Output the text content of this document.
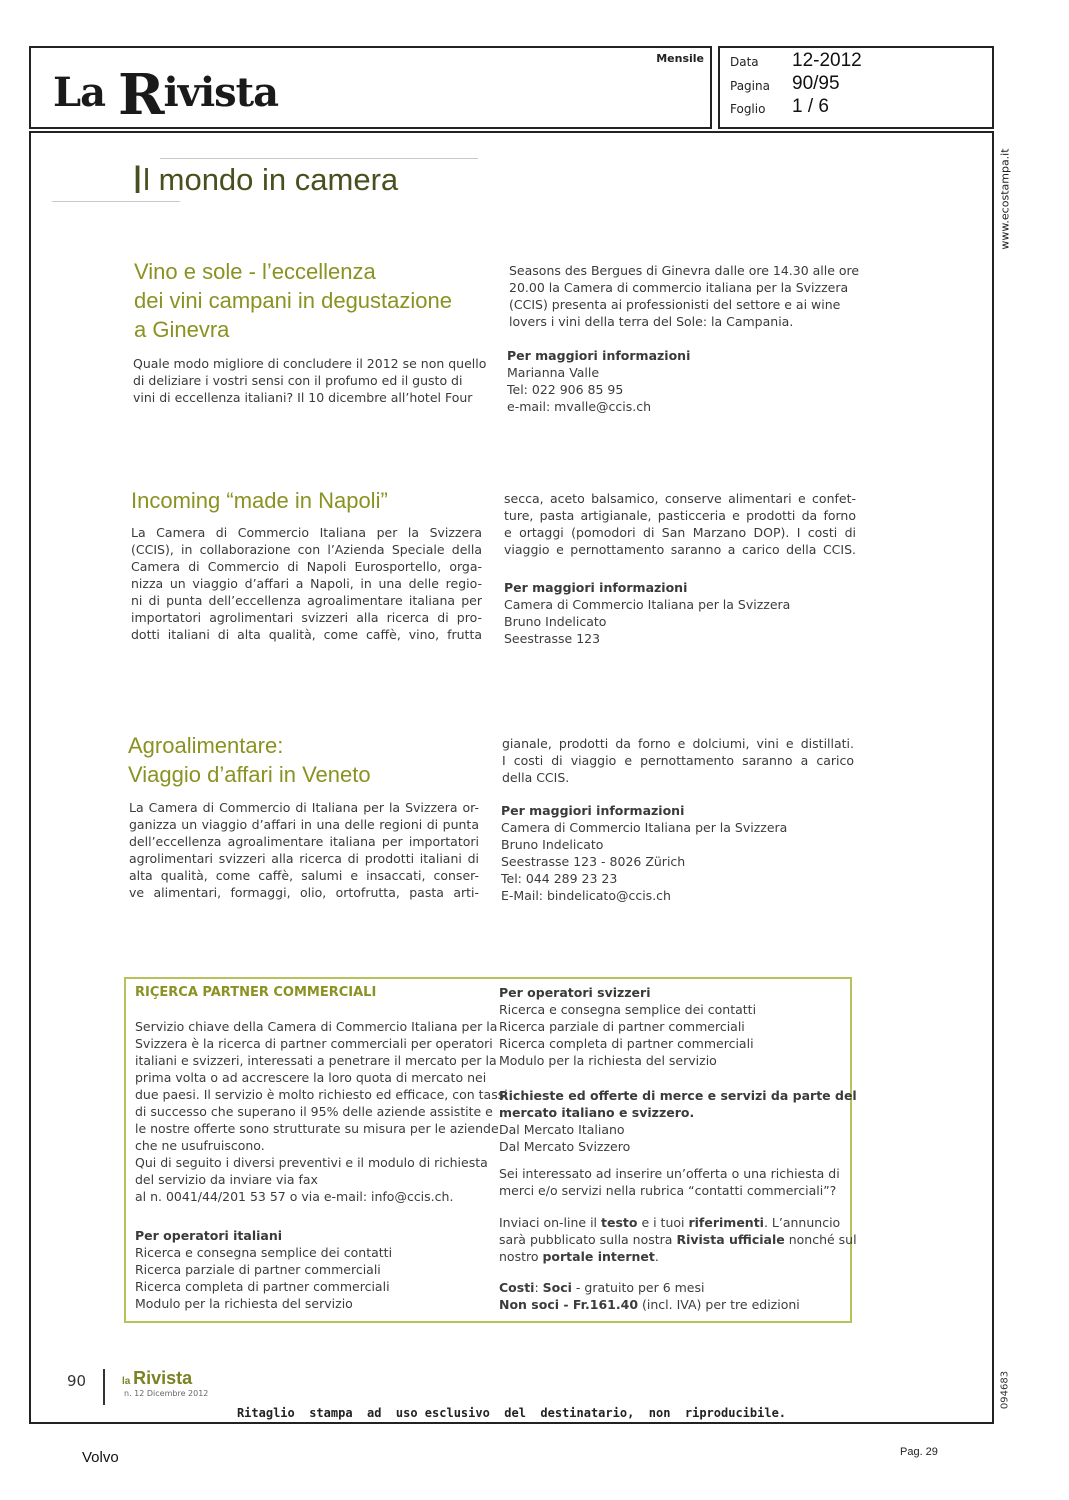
La Rivista
Mensile Data 12-2012
Pagina 90/95
Foglio 1 / 6
www.ecostampa.it
094683
Il mondo in camera
Vino e sole - l’eccellenza
dei vini campani in degustazione
a Ginevra
Quale modo migliore di concludere il 2012 se non quello
di deliziare i vostri sensi con il profumo ed il gusto di
vini di eccellenza italiani? Il 10 dicembre all’hotel Four
Seasons des Bergues di Ginevra dalle ore 14.30 alle ore
20.00 la Camera di commercio italiana per la Svizzera
(CCIS) presenta ai professionisti del settore e ai wine
lovers i vini della terra del Sole: la Campania.
Per maggiori informazioni
Marianna Valle
Tel: 022 906 85 95
e-mail: mvalle@ccis.ch
Incoming “made in Napoli”
La Camera di Commercio Italiana per la Svizzera
(CCIS), in collaborazione con l’Azienda Speciale della
Camera di Commercio di Napoli Eurosportello, orga-
nizza un viaggio d’affari a Napoli, in una delle regio-
ni di punta dell’eccellenza agroalimentare italiana per
importatori agrolimentari svizzeri alla ricerca di pro-
dotti italiani di alta qualità, come caffè, vino, frutta
secca, aceto balsamico, conserve alimentari e confet-
ture, pasta artigianale, pasticceria e prodotti da forno
e ortaggi (pomodori di San Marzano DOP). I costi di
viaggio e pernottamento saranno a carico della CCIS.
Per maggiori informazioni
Camera di Commercio Italiana per la Svizzera
Bruno Indelicato
Seestrasse 123
Agroalimentare:
Viaggio d’affari in Veneto
La Camera di Commercio di Italiana per la Svizzera or-
ganizza un viaggio d’affari in una delle regioni di punta
dell’eccellenza agroalimentare italiana per importatori
agrolimentari svizzeri alla ricerca di prodotti italiani di
alta qualità, come caffè, salumi e insaccati, conser-
ve alimentari, formaggi, olio, ortofrutta, pasta arti-
gianale, prodotti da forno e dolciumi, vini e distillati.
I costi di viaggio e pernottamento saranno a carico
della CCIS.
Per maggiori informazioni
Camera di Commercio Italiana per la Svizzera
Bruno Indelicato
Seestrasse 123 - 8026 Zürich
Tel: 044 289 23 23
E-Mail: bindelicato@ccis.ch
RIÇERCA PARTNER COMMERCIALI
Servizio chiave della Camera di Commercio Italiana per la
Svizzera è la ricerca di partner commerciali per operatori
italiani e svizzeri, interessati a penetrare il mercato per la
prima volta o ad accrescere la loro quota di mercato nei
due paesi. Il servizio è molto richiesto ed efficace, con tassi
di successo che superano il 95% delle aziende assistite e
le nostre offerte sono strutturate su misura per le aziende
che ne usufruiscono.
Qui di seguito i diversi preventivi e il modulo di richiesta
del servizio da inviare via fax
al n. 0041/44/201 53 57 o via e-mail: info@ccis.ch.
Per operatori italiani
Ricerca e consegna semplice dei contatti
Ricerca parziale di partner commerciali
Ricerca completa di partner commerciali
Modulo per la richiesta del servizio
Per operatori svizzeri
Ricerca e consegna semplice dei contatti
Ricerca parziale di partner commerciali
Ricerca completa di partner commerciali
Modulo per la richiesta del servizio
Richieste ed offerte di merce e servizi da parte del
mercato italiano e svizzero.
Dal Mercato Italiano
Dal Mercato Svizzero
Sei interessato ad inserire un’offerta o una richiesta di
merci e/o servizi nella rubrica “contatti commerciali”?
Inviaci on-line il testo e i tuoi riferimenti. L’annuncio
sarà pubblicato sulla nostra Rivista ufficiale nonché sul
nostro portale internet.
Costi: Soci - gratuito per 6 mesi
Non soci - Fr.161.40 (incl. IVA) per tre edizioni
90	la Rivista
n. 12 Dicembre 2012
Ritaglio  stampa  ad  uso esclusivo  del  destinatario,  non  riproducibile.
Volvo	Pag. 29
